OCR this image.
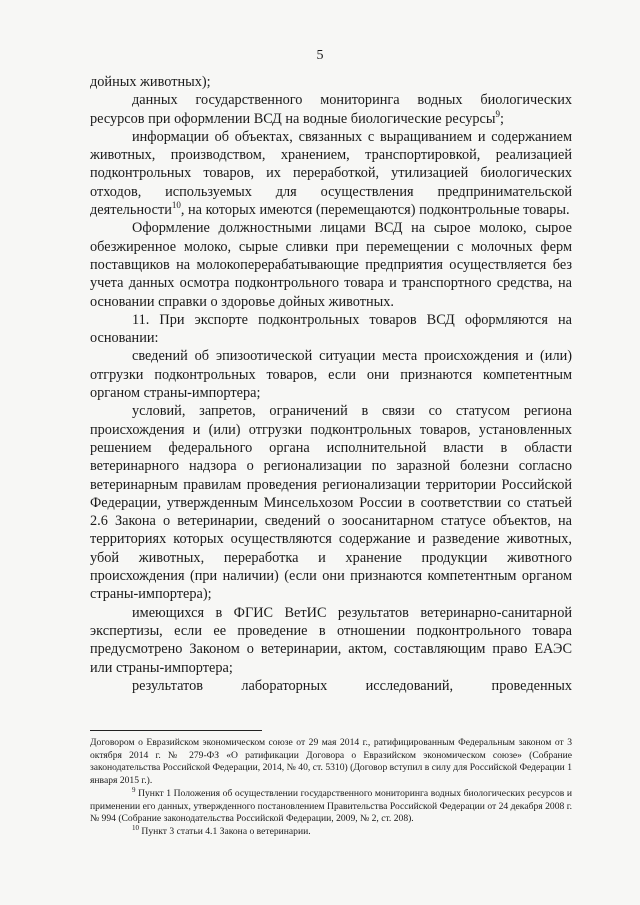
5

дойных животных);

данных государственного мониторинга водных биологических ресурсов при оформлении ВСД на водные биологические ресурсы$^9$;

информации об объектах, связанных с выращиванием и содержанием животных, производством, хранением, транспортировкой, реализацией подконтрольных товаров, их переработкой, утилизацией биологических отходов, используемых для осуществления предпринимательской деятельности$^{10}$, на которых имеются (перемещаются) подконтрольные товары.

Оформление должностными лицами ВСД на сырое молоко, сырое обезжиренное молоко, сырые сливки при перемещении с молочных ферм поставщиков на молокоперерабатывающие предприятия осуществляется без учета данных осмотра подконтрольного товара и транспортного средства, на основании справки о здоровье дойных животных.

11. При экспорте подконтрольных товаров ВСД оформляются на основании:

сведений об эпизоотической ситуации места происхождения и (или) отгрузки подконтрольных товаров, если они признаются компетентным органом страны-импортера;

условий, запретов, ограничений в связи со статусом региона происхождения и (или) отгрузки подконтрольных товаров, установленных решением федерального органа исполнительной власти в области ветеринарного надзора о регионализации по заразной болезни согласно ветеринарным правилам проведения регионализации территории Российской Федерации, утвержденным Минсельхозом России в соответствии со статьей 2.6 Закона о ветеринарии, сведений о зоосанитарном статусе объектов, на территориях которых осуществляются содержание и разведение животных, убой животных, переработка и хранение продукции животного происхождения (при наличии) (если они признаются компетентным органом страны-импортера);

имеющихся в ФГИС ВетИС результатов ветеринарно-санитарной экспертизы, если ее проведение в отношении подконтрольного товара предусмотрено Законом о ветеринарии, актом, составляющим право ЕАЭС или страны-импортера;

результатов лабораторных исследований, проведенных

Договором о Евразийском экономическом союзе от 29 мая 2014 г., ратифицированным Федеральным законом от 3 октября 2014 г. № 279-ФЗ «О ратификации Договора о Евразийском экономическом союзе» (Собрание законодательства Российской Федерации, 2014, № 40, ст. 5310) (Договор вступил в силу для Российской Федерации 1 января 2015 г.).

$^9$ Пункт 1 Положения об осуществлении государственного мониторинга водных биологических ресурсов и применении его данных, утвержденного постановлением Правительства Российской Федерации от 24 декабря 2008 г. № 994 (Собрание законодательства Российской Федерации, 2009, № 2, ст. 208).

$^{10}$ Пункт 3 статьи 4.1 Закона о ветеринарии.
